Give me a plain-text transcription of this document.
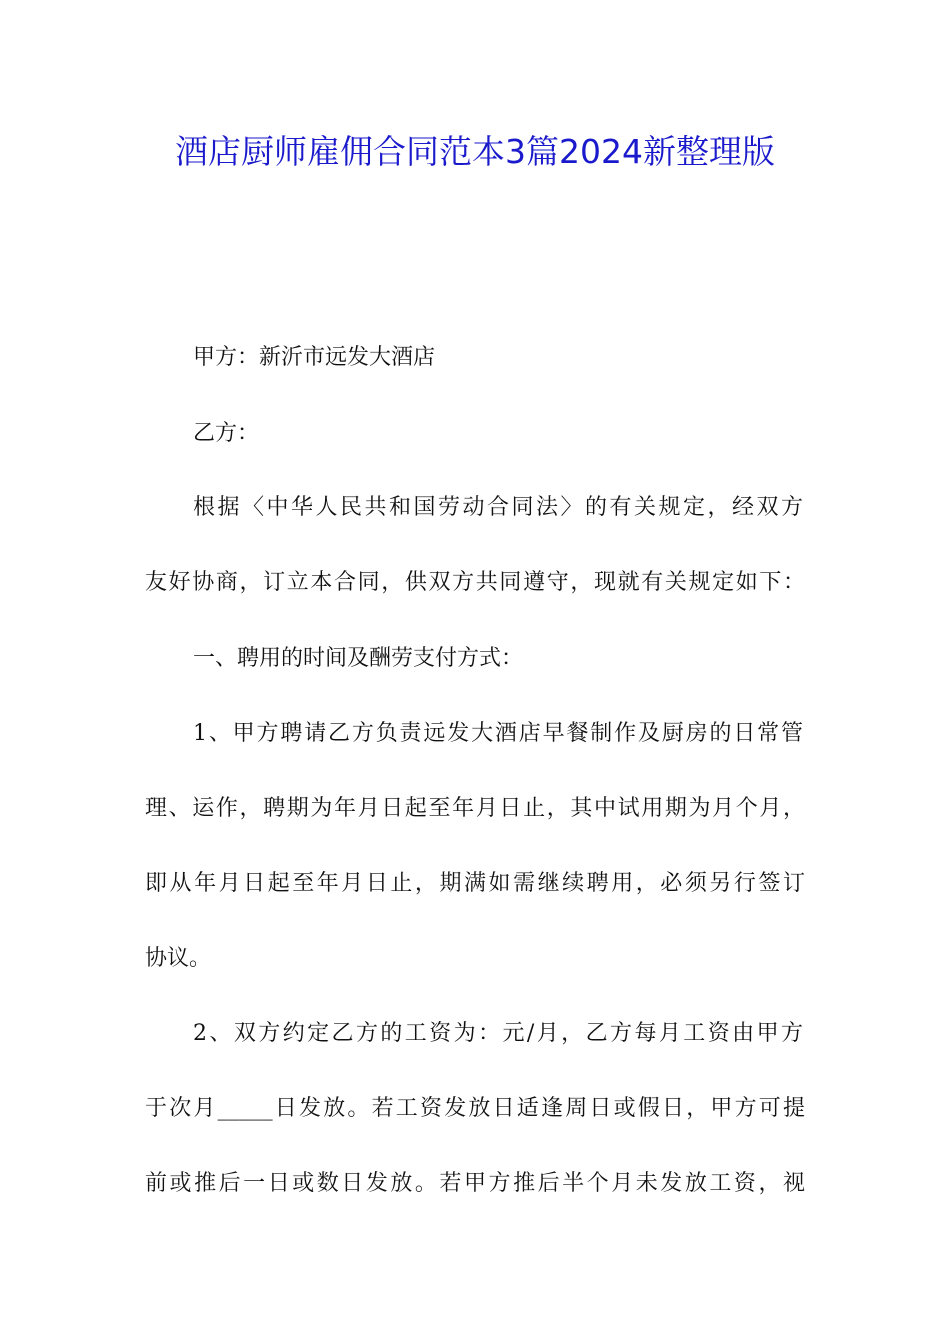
酒店厨师雇佣合同范本3篇2024新整理版
甲方：新沂市远发大酒店
乙方：
根据〈中华人民共和国劳动合同法〉的有关规定，经双方
友好协商，订立本合同，供双方共同遵守，现就有关规定如下：
一、聘用的时间及酬劳支付方式：
1、甲方聘请乙方负责远发大酒店早餐制作及厨房的日常管
理、运作，聘期为年月日起至年月日止，其中试用期为月个月，
即从年月日起至年月日止，期满如需继续聘用，必须另行签订
协议。
2、双方约定乙方的工资为：元/月，乙方每月工资由甲方
于次月_____日发放。若工资发放日适逢周日或假日，甲方可提
前或推后一日或数日发放。若甲方推后半个月未发放工资，视
